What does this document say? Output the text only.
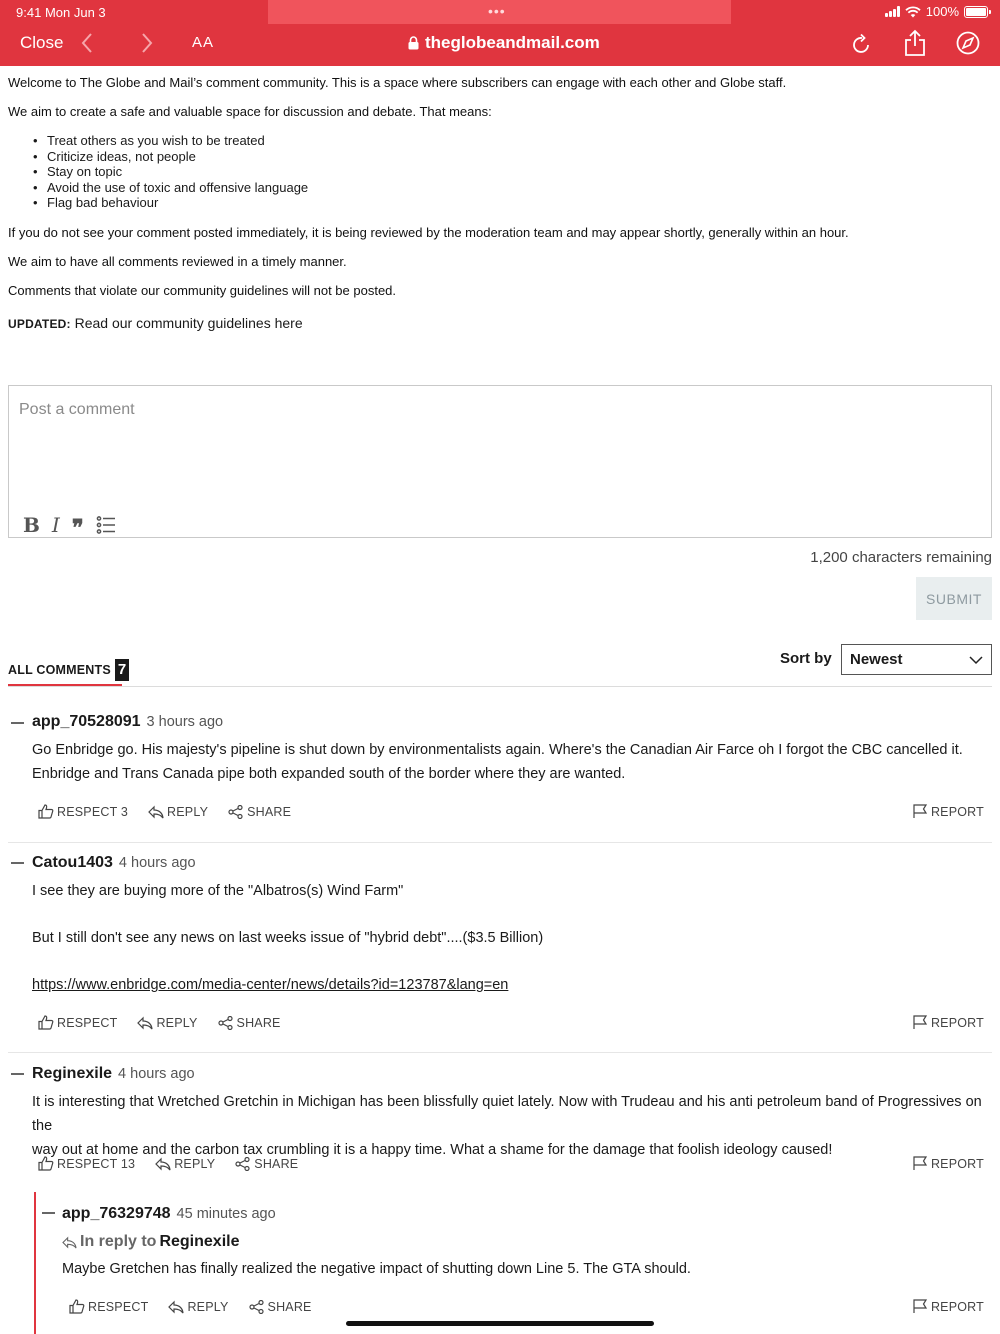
9:41 Mon Jun 3	•••	100%
Close	AA	theglobeandmail.com

Welcome to The Globe and Mail’s comment community. This is a space where subscribers can engage with each other and Globe staff.

We aim to create a safe and valuable space for discussion and debate. That means:

• Treat others as you wish to be treated
• Criticize ideas, not people
• Stay on topic
• Avoid the use of toxic and offensive language
• Flag bad behaviour

If you do not see your comment posted immediately, it is being reviewed by the moderation team and may appear shortly, generally within an hour.

We aim to have all comments reviewed in a timely manner.

Comments that violate our community guidelines will not be posted.

UPDATED: Read our community guidelines here

Post a comment
B I ❞
1,200 characters remaining
SUBMIT
ALL COMMENTS 7
Sort by	Newest
app_70528091 3 hours ago
Go Enbridge go. His majesty's pipeline is shut down by environmentalists again. Where's the Canadian Air Farce oh I forgot the CBC cancelled it.
Enbridge and Trans Canada pipe both expanded south of the border where they are wanted.
RESPECT 3	REPLY	SHARE	REPORT
Catou1403 4 hours ago
I see they are buying more of the "Albatros(s) Wind Farm"
But I still don't see any news on last weeks issue of "hybrid debt"....($3.5 Billion)
https://www.enbridge.com/media-center/news/details?id=123787&lang=en
RESPECT	REPLY	SHARE	REPORT
Reginexile 4 hours ago
It is interesting that Wretched Gretchin in Michigan has been blissfully quiet lately. Now with Trudeau and his anti petroleum band of Progressives on the
way out at home and the carbon tax crumbling it is a happy time. What a shame for the damage that foolish ideology caused!
RESPECT 13	REPLY	SHARE	REPORT
app_76329748 45 minutes ago
In reply to Reginexile
Maybe Gretchen has finally realized the negative impact of shutting down Line 5. The GTA should.
RESPECT	REPLY	SHARE	REPORT
